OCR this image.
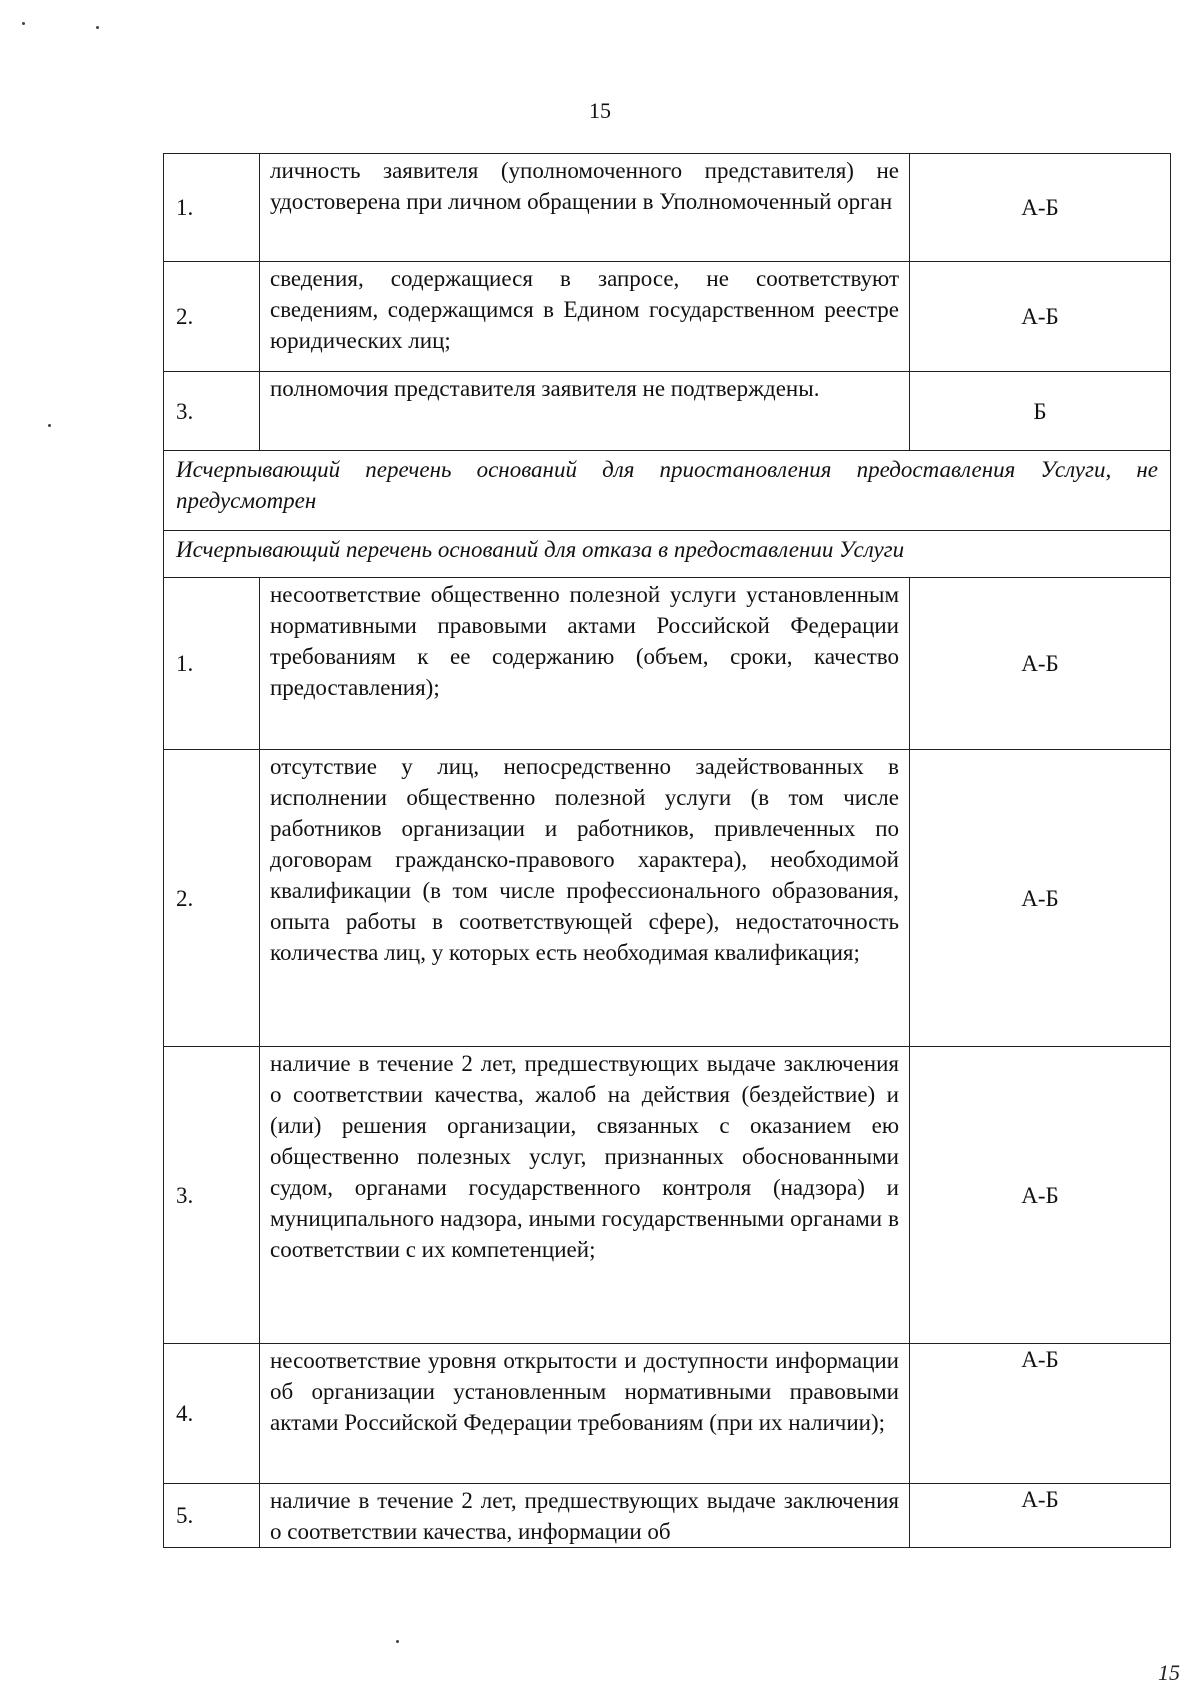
15
1.	личность заявителя (уполномоченного представителя) не удостоверена при личном обращении в Уполномоченный орган	А-Б
2.	сведения, содержащиеся в запросе, не соответствуют сведениям, содержащимся в Едином государственном реестре юридических лиц;	А-Б
3.	полномочия представителя заявителя не подтверждены.	Б
Исчерпывающий перечень оснований для приостановления предоставления Услуги, не предусмотрен		
Исчерпывающий перечень оснований для отказа в предоставлении Услуги		
1.	несоответствие общественно полезной услуги установленным нормативными правовыми актами Российской Федерации требованиям к ее содержанию (объем, сроки, качество предоставления);	А-Б
2.	отсутствие у лиц, непосредственно задействованных в исполнении общественно полезной услуги (в том числе работников организации и работников, привлеченных по договорам гражданско-правового характера), необходимой квалификации (в том числе профессионального образования, опыта работы в соответствующей сфере), недостаточность количества лиц, у которых есть необходимая квалификация;	А-Б
3.	наличие в течение 2 лет, предшествующих выдаче заключения о соответствии качества, жалоб на действия (бездействие) и (или) решения организации, связанных с оказанием ею общественно полезных услуг, признанных обоснованными судом, органами государственного контроля (надзора) и муниципального надзора, иными государственными органами в соответствии с их компетенцией;	А-Б
4.	несоответствие уровня открытости и доступности информации об организации установленным нормативными правовыми актами Российской Федерации требованиям (при их наличии);	А-Б
5.	наличие в течение 2 лет, предшествующих выдаче заключения о соответствии качества, информации об	А-Б
15
